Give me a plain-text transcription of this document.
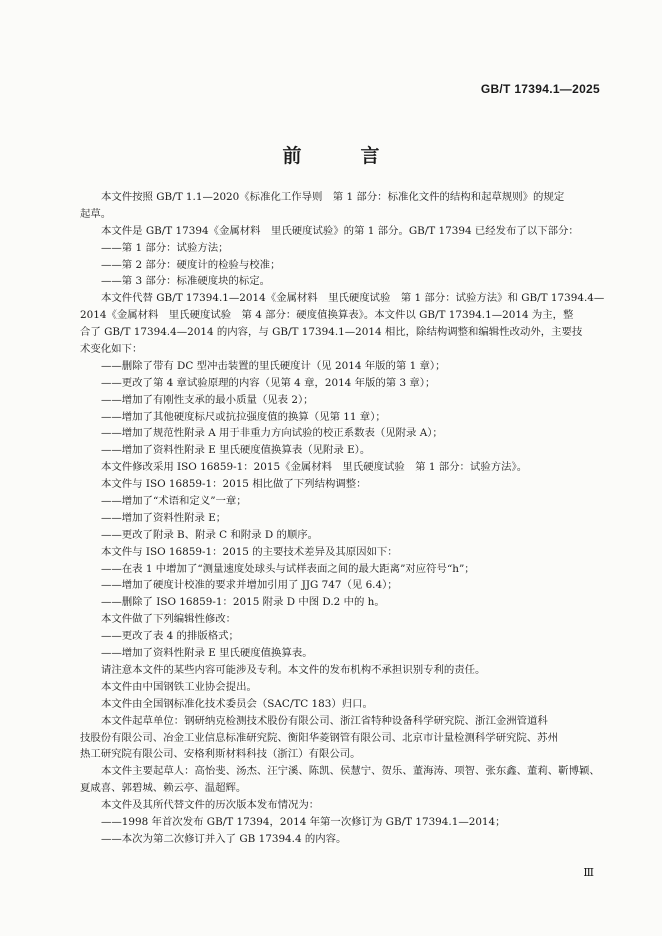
GB/T 17394.1—2025
前　言

本文件按照 GB/T 1.1—2020《标准化工作导则　第 1 部分：标准化文件的结构和起草规则》的规定

起草。

本文件是 GB/T 17394《金属材料　里氏硬度试验》的第 1 部分。GB/T 17394 已经发布了以下部分：

——第 1 部分：试验方法；

——第 2 部分：硬度计的检验与校准；

——第 3 部分：标准硬度块的标定。

本文件代替 GB/T 17394.1—2014《金属材料　里氏硬度试验　第 1 部分：试验方法》和 GB/T 17394.4—

2014《金属材料　里氏硬度试验　第 4 部分：硬度值换算表》。本文件以 GB/T 17394.1—2014 为主，整

合了 GB/T 17394.4—2014 的内容，与 GB/T 17394.1—2014 相比，除结构调整和编辑性改动外，主要技

术变化如下：

——删除了带有 DC 型冲击装置的里氏硬度计（见 2014 年版的第 1 章）；

——更改了第 4 章试验原理的内容（见第 4 章，2014 年版的第 3 章）；

——增加了有刚性支承的最小质量（见表 2）；

——增加了其他硬度标尺或抗拉强度值的换算（见第 11 章）；

——增加了规范性附录 A 用于非重力方向试验的校正系数表（见附录 A）；

——增加了资料性附录 E 里氏硬度值换算表（见附录 E）。

本文件修改采用 ISO 16859-1：2015《金属材料　里氏硬度试验　第 1 部分：试验方法》。

本文件与 ISO 16859-1：2015 相比做了下列结构调整：

——增加了“术语和定义”一章；

——增加了资料性附录 E；

——更改了附录 B、附录 C 和附录 D 的顺序。

本文件与 ISO 16859-1：2015 的主要技术差异及其原因如下：

——在表 1 中增加了“测量速度处球头与试样表面之间的最大距离”对应符号“h”；

——增加了硬度计校准的要求并增加引用了 JJG 747（见 6.4）；

——删除了 ISO 16859-1：2015 附录 D 中图 D.2 中的 h。

本文件做了下列编辑性修改：

——更改了表 4 的排版格式；

——增加了资料性附录 E 里氏硬度值换算表。

请注意本文件的某些内容可能涉及专利。本文件的发布机构不承担识别专利的责任。

本文件由中国钢铁工业协会提出。

本文件由全国钢标准化技术委员会（SAC/TC 183）归口。

本文件起草单位：钢研纳克检测技术股份有限公司、浙江省特种设备科学研究院、浙江金洲管道科

技股份有限公司、冶金工业信息标准研究院、衡阳华菱钢管有限公司、北京市计量检测科学研究院、苏州

热工研究院有限公司、安格利斯材料科技（浙江）有限公司。

本文件主要起草人：高怡斐、汤杰、汪宁溪、陈凯、侯慧宁、贺乐、董海涛、项智、张东鑫、董莉、靳博颖、

夏咸喜、郭碧城、赖云亭、温超辉。

本文件及其所代替文件的历次版本发布情况为：

——1998 年首次发布 GB/T 17394，2014 年第一次修订为 GB/T 17394.1—2014；

——本次为第二次修订并入了 GB 17394.4 的内容。

Ⅲ
